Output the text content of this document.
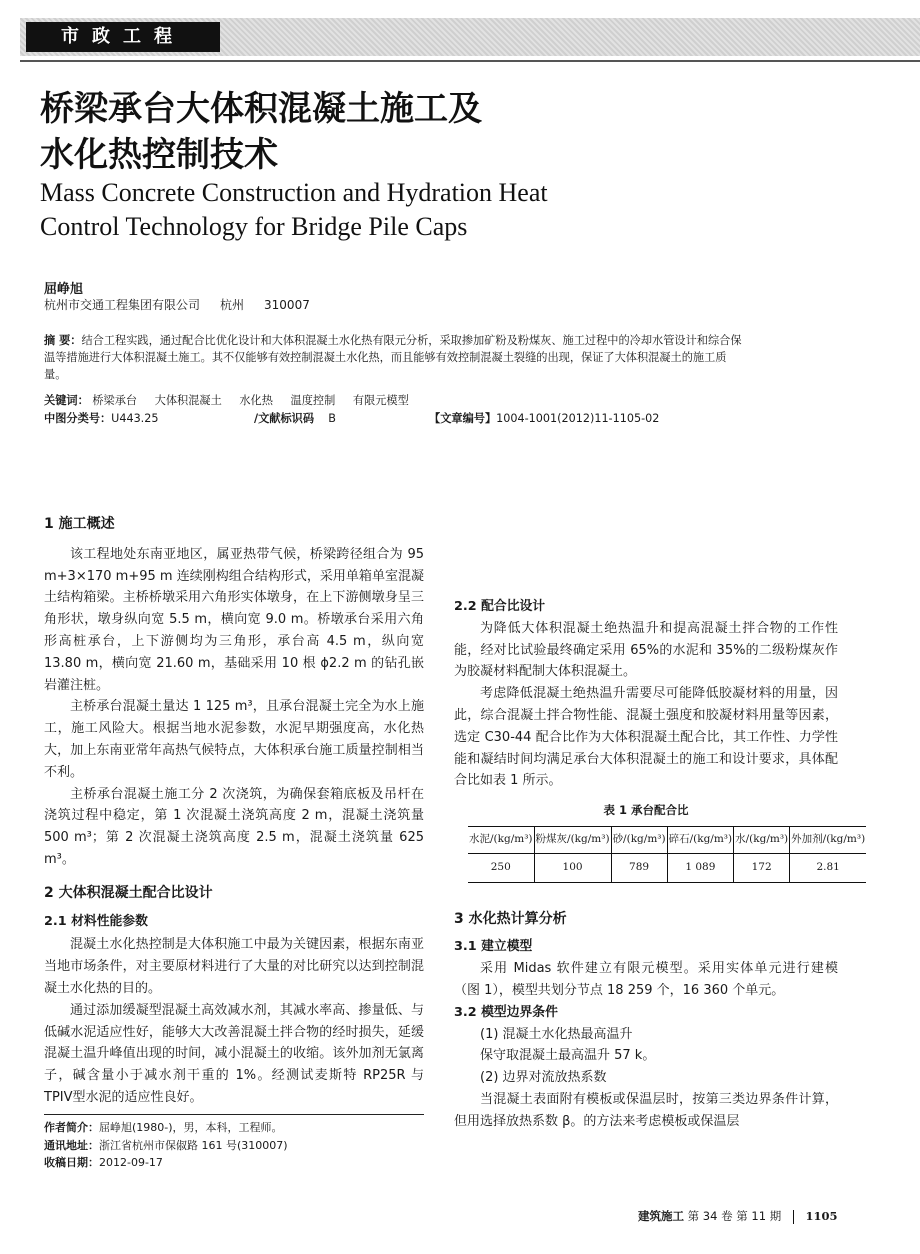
市政工程
桥梁承台大体积混凝土施工及
水化热控制技术
Mass Concrete Construction and Hydration Heat
Control Technology for Bridge Pile Caps
屈峥旭
杭州市交通工程集团有限公司 杭州 310007
摘 要：结合工程实践，通过配合比优化设计和大体积混凝土水化热有限元分析，采取掺加矿粉及粉煤灰、施工过程中的冷却水管设计和综合保温等措施进行大体积混凝土施工。其不仅能够有效控制混凝土水化热，而且能够有效控制混凝土裂缝的出现，保证了大体积混凝土的施工质量。
关键词： 桥梁承台 大体积混凝土 水化热 温度控制 有限元模型
中图分类号：U443.25	/文献标识码 B	【文章编号】1004-1001(2012)11-1105-02

1 施工概述

该工程地处东南亚地区，属亚热带气候，桥梁跨径组合为 95 m+3×170 m+95 m 连续刚构组合结构形式，采用单箱单室混凝土结构箱梁。主桥桥墩采用六角形实体墩身，在上下游侧墩身呈三角形状，墩身纵向宽 5.5 m，横向宽 9.0 m。桥墩承台采用六角形高桩承台，上下游侧均为三角形，承台高 4.5 m，纵向宽 13.80 m，横向宽 21.60 m，基础采用 10 根 ϕ2.2 m 的钻孔嵌岩灌注桩。

主桥承台混凝土量达 1 125 m³，且承台混凝土完全为水上施工，施工风险大。根据当地水泥参数，水泥早期强度高，水化热大，加上东南亚常年高热气候特点，大体积承台施工质量控制相当不利。

主桥承台混凝土施工分 2 次浇筑，为确保套箱底板及吊杆在浇筑过程中稳定，第 1 次混凝土浇筑高度 2 m，混凝土浇筑量 500 m³；第 2 次混凝土浇筑高度 2.5 m，混凝土浇筑量 625 m³。

2 大体积混凝土配合比设计

2.1 材料性能参数

混凝土水化热控制是大体积施工中最为关键因素，根据东南亚当地市场条件，对主要原材料进行了大量的对比研究以达到控制混凝土水化热的目的。

通过添加缓凝型混凝土高效减水剂，其减水率高、掺量低、与低碱水泥适应性好，能够大大改善混凝土拌合物的经时损失，延缓混凝土温升峰值出现的时间，减小混凝土的收缩。该外加剂无氯离子，碱含量小于减水剂干重的 1%。经测试麦斯特 RP25R 与 TPIⅤ型水泥的适应性良好。

2.2 配合比设计

为降低大体积混凝土绝热温升和提高混凝土拌合物的工作性能，经对比试验最终确定采用 65%的水泥和 35%的二级粉煤灰作为胶凝材料配制大体积混凝土。

考虑降低混凝土绝热温升需要尽可能降低胶凝材料的用量，因此，综合混凝土拌合物性能、混凝土强度和胶凝材料用量等因素，选定 C30-44 配合比作为大体积混凝土配合比，其工作性、力学性能和凝结时间均满足承台大体积混凝土的施工和设计要求，具体配合比如表 1 所示。

表 1 承台配合比
水泥/(kg/m³)	粉煤灰/(kg/m³)	砂/(kg/m³)	碎石/(kg/m³)	水/(kg/m³)	外加剂/(kg/m³)
250	100	789	1 089	172	2.81

3 水化热计算分析

3.1 建立模型

采用 Midas 软件建立有限元模型。采用实体单元进行建模（图 1），模型共划分节点 18 259 个，16 360 个单元。

3.2 模型边界条件

(1) 混凝土水化热最高温升

保守取混凝土最高温升 57 k。

(2) 边界对流放热系数

当混凝土表面附有模板或保温层时，按第三类边界条件计算，但用选择放热系数 β。的方法来考虑模板或保温层

作者简介：屈峥旭(1980-)，男，本科，工程师。
通讯地址：浙江省杭州市保俶路 161 号(310007)
收稿日期：2012-09-17
建筑施工 第 34 卷 第 11 期 1105
